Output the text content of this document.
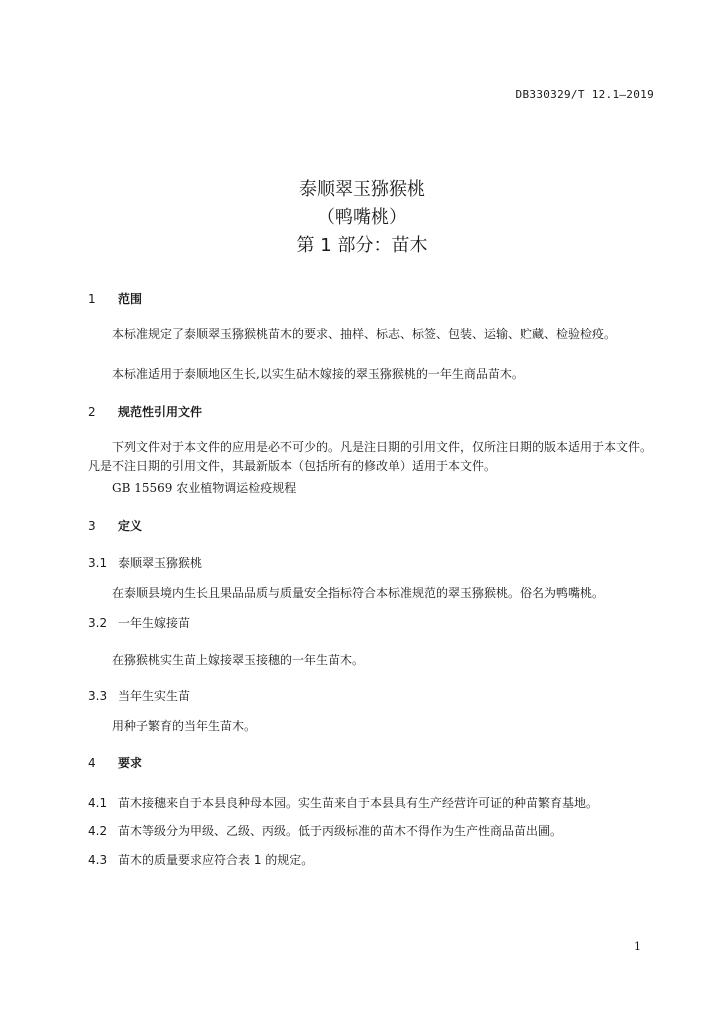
DB330329/T 12.1—2019
泰顺翠玉猕猴桃
（鸭嘴桃）
第 1 部分：苗木
1 范围
本标准规定了泰顺翠玉猕猴桃苗木的要求、抽样、标志、标签、包装、运输、贮藏、检验检疫。
本标准适用于泰顺地区生长,以实生砧木嫁接的翠玉猕猴桃的一年生商品苗木。
2 规范性引用文件
下列文件对于本文件的应用是必不可少的。凡是注日期的引用文件，仅所注日期的版本适用于本文件。凡是不注日期的引用文件，其最新版本（包括所有的修改单）适用于本文件。
GB 15569 农业植物调运检疫规程
3 定义
3.1 泰顺翠玉猕猴桃
在泰顺县境内生长且果品品质与质量安全指标符合本标准规范的翠玉猕猴桃。俗名为鸭嘴桃。
3.2 一年生嫁接苗
在猕猴桃实生苗上嫁接翠玉接穗的一年生苗木。
3.3 当年生实生苗
用种子繁育的当年生苗木。
4 要求
4.1 苗木接穗来自于本县良种母本园。实生苗来自于本县具有生产经营许可证的种苗繁育基地。
4.2 苗木等级分为甲级、乙级、丙级。低于丙级标准的苗木不得作为生产性商品苗出圃。
4.3 苗木的质量要求应符合表 1 的规定。
1
